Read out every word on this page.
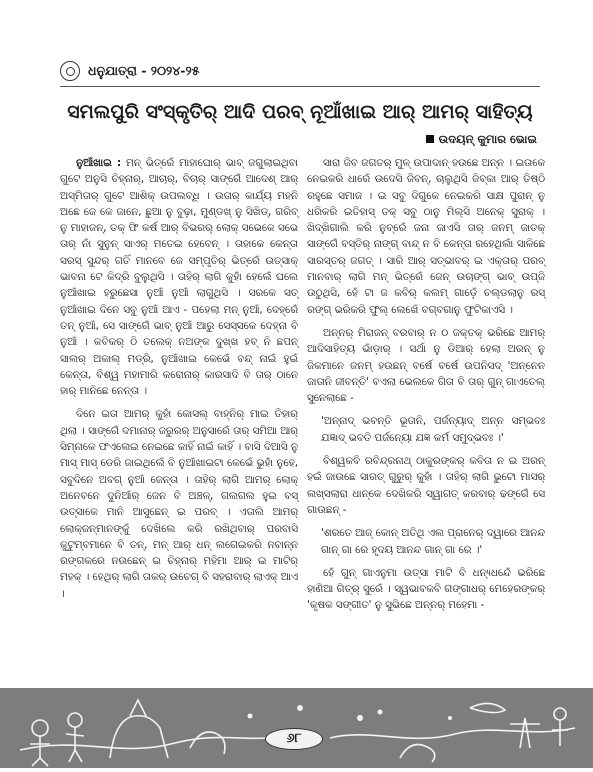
ଧନୁଯାତ୍ରା - ୨୦୨୪-୨୫
ସମଲପୁରି ସଂସ୍କୃତିର୍ ଆଦି ପରବ୍ ନୂଆଁଖାଇ ଆର୍ ଆମର୍ ସାହିତ୍ୟ
ଉଦୟନ୍ କୁମାର ଭୋଇ

ନୁଆଁଖାଇ : ମନ୍ ଭିତ୍ରେଁ ମାହାଘୋର୍ ଭାବ୍ ଜଗୁଲାଇଥିବା ଗୁଟେ ଅନୁସି ଚିହ୍ନାର୍, ଆଚାର୍, ବିଚାର୍ ସାଙ୍ଗେଁ ଆଦେଶ୍ ଆର୍ ଅସ୍ମିତାର୍ ଗୁଟେ ଆଶିକ୍ ଉପଲବ୍ଧି । ଉତାର୍ କାର୍ଯ୍ୟ ମହନି ଅଛେ ଜେ କେ ଜାନେ, ଛୁଆ ନୁ ବୁଢ଼ା, ମୁଣ୍ଡଖ୍ ନୁ ସିଖିଡ୍, ଗରିବ୍ ନୁ ମାହାଜନ୍, ତକ୍ ଫି କର୍ଷ ଆର୍ ବିଭରର୍ ଲୋକ୍ ସଭେକେ ସଭେ ତାର୍ ନାଁ ସୁନୁନ୍ ସାଏର୍ ମତେଇ ହେବେନ୍ । ତାହାକେ କେନ୍ତା ସରସ୍ ସୁନ୍ଦର୍ ଗତିଁ ମାନବେ ଜେ ସମ୍ପୃତିର୍ ଭିତ୍ରେଁ ଉତ୍ସାକ୍ ଭାବନା ଟେ କିଦ୍ରି ବୁଲୁଥିସି । ତାହିର୍ ଲାଗି କୁହାଁ ହେଲେଁ ଘଲେ ନୁଆଁଖାଇ ହରୁଛେସା ନୁଆଁ ନୁଆଁ ଲାଗୁଥିସି । ସରକେ ସତ୍ ନୁଆଁଖାଇ ଦିନେ ସବୁ ନୁଆଁ ଆଏ - ପହେଲା ମନ୍ ନୁଆଁ, ଦେହ୍ରେଁ ତନ୍ ନୁଆଁ, ସେ ସାଙ୍ଗେଁ ଭାବ୍ ନୁଆଁ ଆରୁ ସେସ୍ସକେ ଦେହ୍ନା ବି ନୁଆଁ । କବିକର୍ ଠି ତଲେକ୍ ନଅଙ୍କ ଦୁଖ୍‌ଖ ହବ୍ ନି ଛପନ୍ ସାଲର୍ ଅକାଲ୍ ମଡ୍ରି, ନୁଆଁଖାଇ କେଭେଁ ବନ୍ଦ୍ ନାଇଁ ହୁଇଁ କେନ୍ତା, ବିଶ୍ୱ ମହାମାରି କରୋନାର୍ କାରସାଦି ବି ତାର୍ ଠାନେ ହାର୍ ମାନିଛେ ନେନ୍ତା ।

ଦିନେ ଇତା ଆମର୍ କୁହାଁ କୋସଲ୍ ବାହ୍ନିର୍ ମାଇ ତିହାର୍ ଥିଲା । ସାଙ୍ଗେଁ ଦମାନାର୍ ଜରୁରର୍ ଅନୁସାରେଁ ତାର୍ ସମିଆ ଆର୍ ସିମ୍ନାକେ ଫଏଲେଇ ନେଇଛେ କାହିଁ ନାଇଁ କାହିଁ । ବାସି ଦିଆସି ନୁ ମାସ୍ ମାସ୍ ଡେରି ଜାଇଥିଲେଁ ବି ନୁଆଁଖାଇଟା କେଭେଁ ଭୁହାଁ ନୁହେ, ସବୁଦିନେ ଅବଗ୍ ନୁଆଁ ଜେନ୍ତା । ତାହିର୍ ଲାଗି ଆମର୍ ଲୋକ୍ ଅନେବନେ ଦୁନିଆଁର୍ ଜେନ ବି ଅଞ୍ଚଳ୍, ଗଲଗଲ ହୁଇ ବସ୍ ଉତ୍ସାକେ ମାନି ଆସୁଛେନ୍ ଇ ପରବ୍ । ଏତାଲି ଆମର୍ ଲୋକ୍ଜନ୍‌ମାନଙ୍କୁଁ ଦେଖିଲେ କରି ରଖିଥିବାର୍ ପରବାସି କୁଟୁମ୍ବମାନେ ବି ତନ୍, ମନ୍ ଆର୍ ଧନ୍ ଲଗେଇକରି ନବାନ୍ନ ରଙ୍ଗକରେ ନଉଛେନ୍ ଇ ଚିହ୍ନାର୍ ମହିମା ଆର୍ ଇ ମାଟିର୍ ମହକ୍ । ହେଥିର୍ ଲାଗି ତାକର୍ ଉଚେଗ୍ ବି ସହରାବାର୍ ଲାଏକ୍ ଆଏ ।

ସାରା ଜିବ ଜଗତର୍ ମୁଳ୍ ଉପାଦାନ୍ ହଉଛେ ଅନ୍ନ । ଇତାକେ ନେଇକରି ଧାରେଁ ଉଦେସି ଜିବନ୍, ଚାଲୁଥିସି ଜିବ୍‌କା ଆର୍ ତିଷ୍ଠି ରହୁଛେ ସମାଜ । ଇ ସବୁ ଦିଗୁକେ ନେଇକରି ସାକ୍ଷ ପୁରାନ୍ ନୁ ଧରିକରି ଇତିହାସ୍ ତକ୍ ସବୁ ଠାନୁ ମିଲ୍‌ସି ଅନେକ୍ ସୁରାକ୍ । ଖିଦ୍‌ଖିଗାଲି କରି ନୁବ୍ରେଁ ଜନା ଜାଏସି ତାର୍ ଜନମ୍ ଜାତକ୍ ସାଙ୍ଗେଁ ବସ୍ତିର୍ ନାଙ୍ଗ୍ ବାନ୍ଦ୍ ନ ବି କେନ୍ତା ରହେଥିଲାଁ ସାଳିଛେ ସାରସ୍ତର୍ ଜଗତ୍ । ସାରି ଆର୍ ସତ୍‌ଭାବର୍ ଇ ଏକ୍‌ତାର୍ ପରବ୍ ମାନବାର୍ ଲାଗି ମନ୍ ଭିତ୍ରେଁ ଜେନ୍ ଉଚାଙ୍ଗ୍ ଭାବ୍ ଉପ୍‌ଜି ଉଠୁଥିସି, ହେଁ ଟା ଜ କବିର୍ କଲମ୍ ଗାଡ଼େଁ ଚଲ୍‌ଡଲାନୁ ରସ୍ ରଙ୍ଗ୍ ଭରିକରି ଫୁଲ୍ ଲେଖେଁ ବଗ୍‌ବଗାନୁ ଫୁଟିକାଏସି ।

ଅନ୍ନର୍ ମିରାଜନ୍ ବରବାର୍ ନ ଠ ଜକ୍ତକ୍ ଭରିଛେ ଆମର୍ ଆଦିସାହିତ୍ୟ ଭାଁଡ଼ାର୍ । ସର୍ଥା ନୁ ଡିଆର୍ ହେଲା ଅରନ୍ ନୁ ଜିକମାନେ ଜନମ୍ ହଉଛନ୍ ବର୍ଷେ ବର୍ଷେ ଉପନିସଦ୍ 'ଅନ୍ନେନ ଜାତାନି ଜୀବନ୍ତି' ବଏଲା ଭେଲକେ ଗିତା ବି ତାର୍ ଗୁନ୍ ଗାଏତେଲ୍ ସୁନେଲାଛେ -

'ଅନ୍ନାଦ୍ ଭବନ୍ତି ଭୂତାନି, ପର୍ଜନ୍ୟାଦ୍ ଅନ୍ନ ସମ୍ଭବଃ ଯଜ୍ଞାଦ୍ ଭବତି ପର୍ଜନ୍ୟୋ ଯଜ୍ଞ କର୍ମ ସମୁଦ୍ଭବଃ ।'

ବିଶ୍ୱକବି ରବିନ୍ଦ୍ରନାଥ୍ ଠାକୁରଙ୍କର୍ କବିତା ନ ଇ ଅରନ୍ ହଇଁ ଜାଉଛେ ସାରତ୍ ଗୁରୁର୍ କୁହାଁ । ତାହିର୍ ଲାଗି ଭୁଟୋ ମାସର୍ ଲଖ୍‌ସଲାରା ଧାନ୍‌କେ ଦେଖିକରି ସ୍ୱାଗତ୍ କରବାର୍ ଢଙ୍ଗେଁ ସେ ଗାଉଛନ୍ -

'ଶରତେ ଆଜ୍ କୋନ୍ ଅତିଥି ଏଲ ପ୍ରାନେର୍ ଦ୍ୱାରେ ଆନନ୍ଦ ଗାନ୍ ଗା ରେ ହୃଦୟ ଆନନ୍ଦ ଗାନ୍ ଗା ରେ ।'

ହେଁ ଗୁନ୍ ଗାଏନୁମା ଉତ୍ସା ମାଟି ବି ଧନ୍ୟ୍‌ଧନ୍ଦେଁ ଭରିଛେ ହାଣିଆ ଗିତ୍‌ର୍ ସୁରେଁ । ସ୍ୱଭାବକବି ଗଙ୍ଗାଧର୍ ମେହେରଙ୍କର୍ 'କୃଷକ ସଙ୍ଗୀତ' ନୁ ସୁଭିଛେ ଅନ୍ନର୍ ମହେମା -

୬୮
